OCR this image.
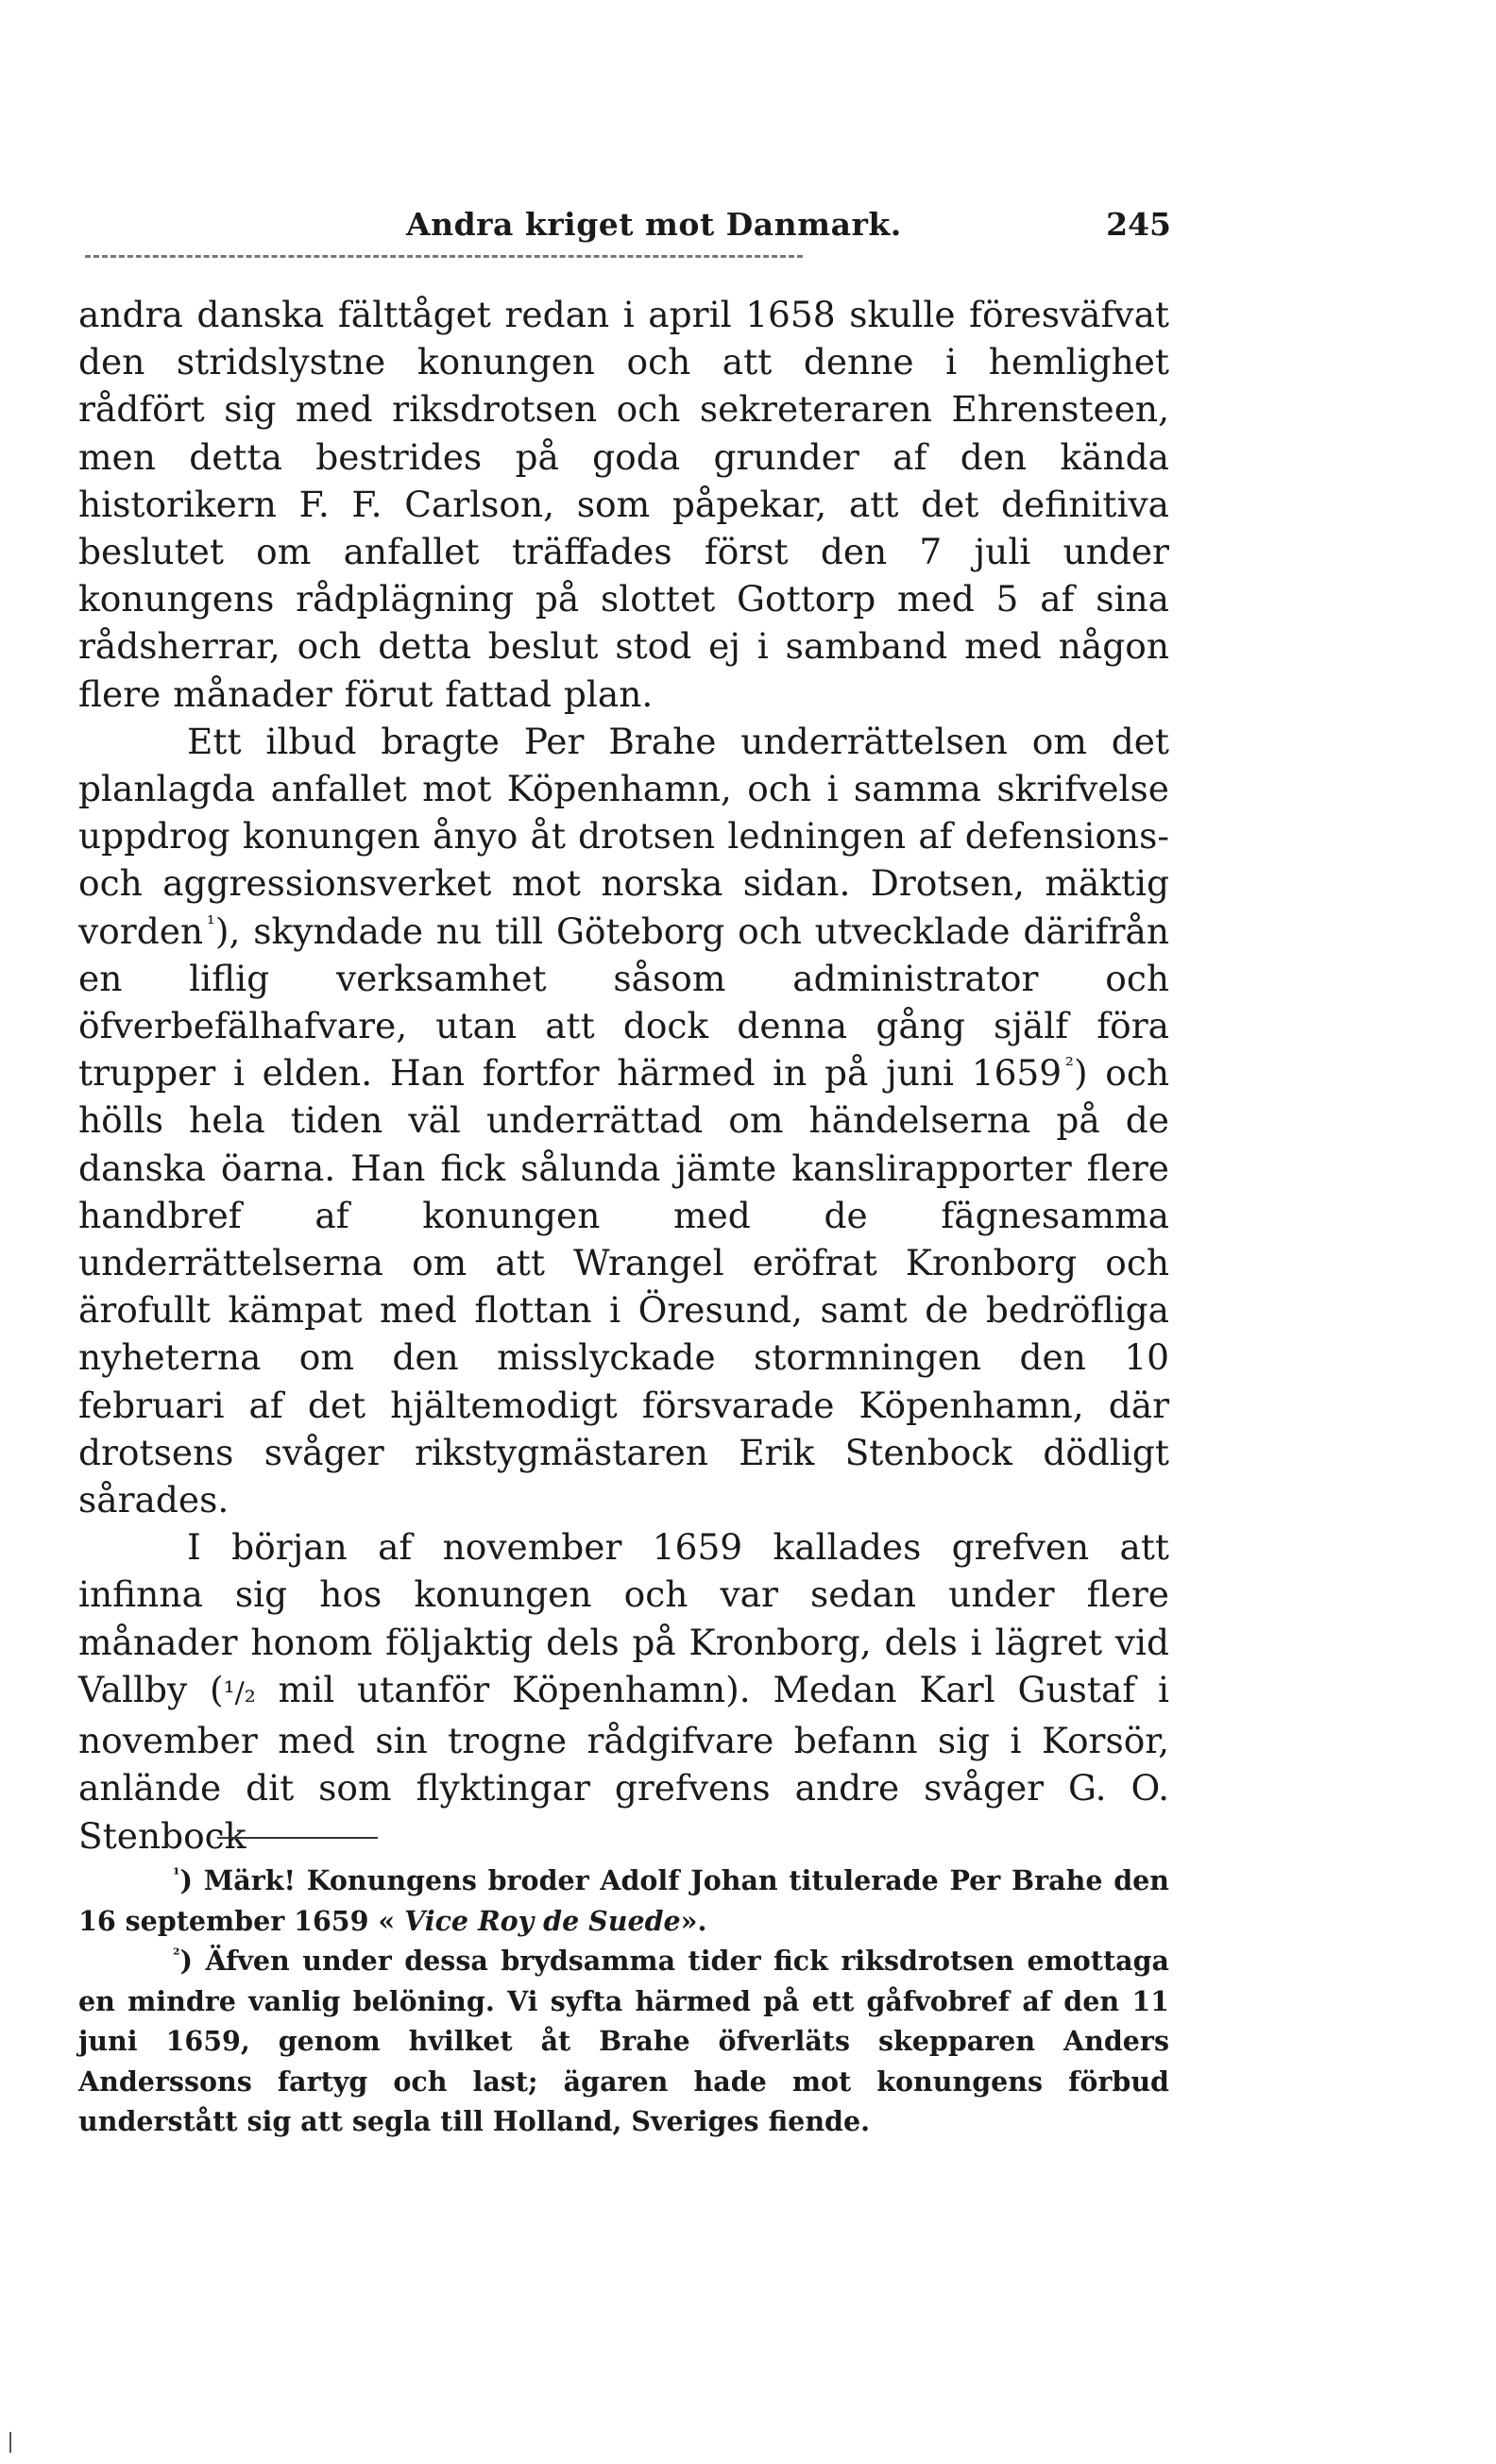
Andra kriget mot Danmark.	245

andra danska fälttåget redan i april 1658 skulle föresväfvat den stridslystne konungen och att denne i hemlighet rådfört sig med riksdrotsen och sekreteraren Ehrensteen, men detta bestrides på goda grunder af den kända historikern F. F. Carlson, som påpekar, att det definitiva beslutet om anfallet träffades först den 7 juli under konungens rådplägning på slottet Gottorp med 5 af sina rådsherrar, och detta beslut stod ej i samband med någon flere månader förut fattad plan.

Ett ilbud bragte Per Brahe underrättelsen om det planlagda anfallet mot Köpenhamn, och i samma skrifvelse uppdrog konungen ånyo åt drotsen ledningen af defensions- och aggressionsverket mot norska sidan. Drotsen, mäktig vorden  $^{^1}$), skyndade nu till Göteborg och utvecklade därifrån en liflig verksamhet såsom administrator och öfverbefälhafvare, utan att dock denna gång själf föra trupper i elden. Han fortfor härmed in på juni 1659  $^{^2}$) och hölls hela tiden väl underrättad om händelserna på de danska öarna. Han fick sålunda jämte kanslirapporter flere handbref af konungen med de fägnesamma underrättelserna om att Wrangel eröfrat Kronborg och ärofullt kämpat med flottan i Öresund, samt de bedröfliga nyheterna om den misslyckade stormningen den 10 februari af det hjältemodigt försvarade Köpenhamn, där drotsens svåger rikstygmästaren Erik Stenbock dödligt sårades.

I början af november 1659 kallades grefven att infinna sig hos konungen och var sedan under flere månader honom följaktig dels på Kronborg, dels i lägret vid Vallby (¹/₂ mil utanför Köpenhamn). Medan Karl Gustaf i november med sin trogne rådgifvare befann sig i Korsör, anlände dit som flyktingar grefvens andre svåger G. O. Stenbock

$^{^1}$) Märk! Konungens broder Adolf Johan titulerade Per Brahe den 16 september 1659 « Vice Roy de Suede».

$^{^2}$) Äfven under dessa brydsamma tider fick riksdrotsen emottaga en mindre vanlig belöning. Vi syfta härmed på ett gåfvobref af den 11 juni 1659, genom hvilket åt Brahe öfverläts skepparen Anders Anderssons fartyg och last; ägaren hade mot konungens förbud understått sig att segla till Holland, Sveriges fiende.
